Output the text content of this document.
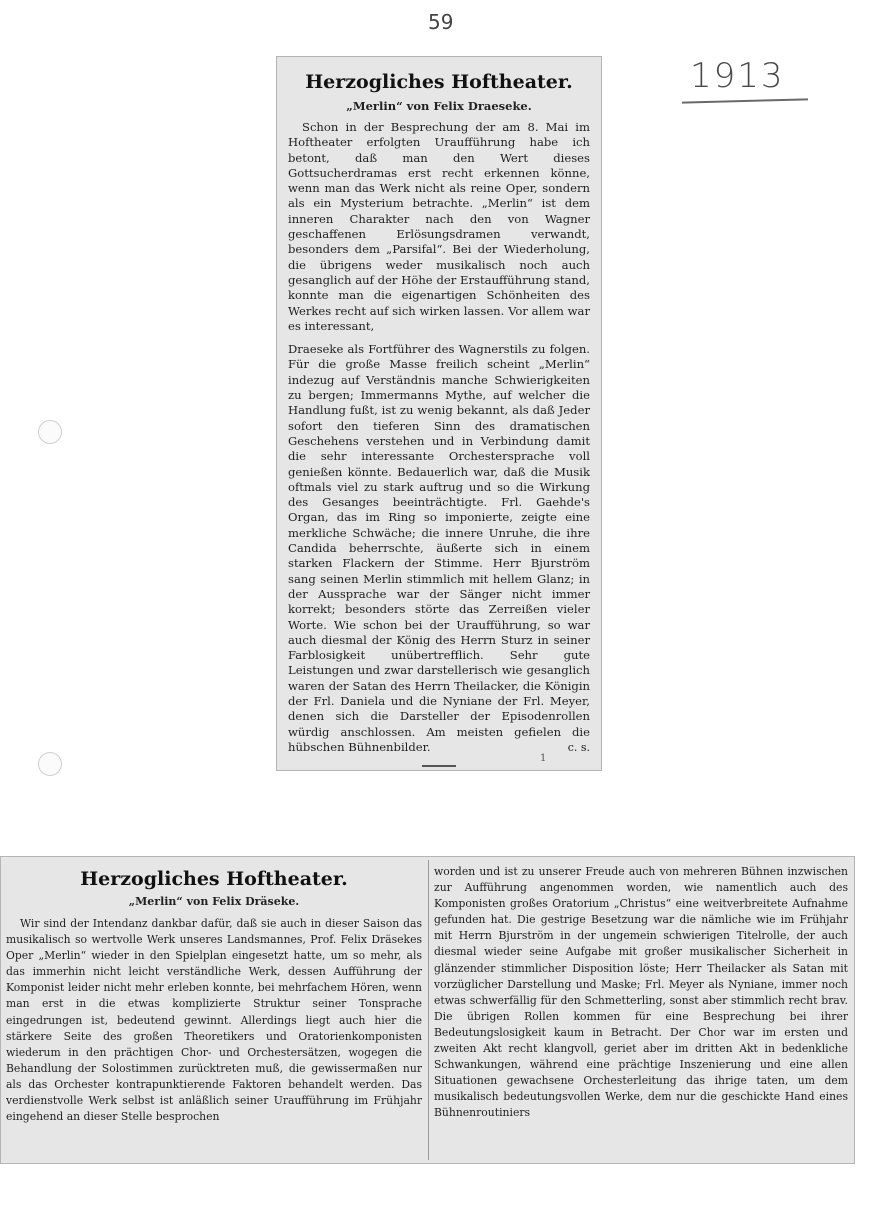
59
1913
Herzogliches Hoftheater.
„Merlin“ von Felix Draeseke.
Schon in der Besprechung der am 8. Mai im Hoftheater erfolgten Uraufführung habe ich betont, daß man den Wert dieses Gottsucherdramas erst recht erkennen könne, wenn man das Werk nicht als reine Oper, sondern als ein Mysterium betrachte. „Merlin“ ist dem inneren Charakter nach den von Wagner geschaffenen Erlösungsdramen verwandt, besonders dem „Parsifal“. Bei der Wiederholung, die übrigens weder musikalisch noch auch gesanglich auf der Höhe der Erstaufführung stand, konnte man die eigenartigen Schönheiten des Werkes recht auf sich wirken lassen. Vor allem war es interessant,
Draeseke als Fortführer des Wagnerstils zu folgen. Für die große Masse freilich scheint „Merlin“ indezug auf Verständnis manche Schwierigkeiten zu bergen; Immermanns Mythe, auf welcher die Handlung fußt, ist zu wenig bekannt, als daß Jeder sofort den tieferen Sinn des dramatischen Geschehens verstehen und in Verbindung damit die sehr interessante Orchestersprache voll genießen könnte. Bedauerlich war, daß die Musik oftmals viel zu stark auftrug und so die Wirkung des Gesanges beeinträchtigte. Frl. Gaehde's Organ, das im Ring so imponierte, zeigte eine merkliche Schwäche; die innere Unruhe, die ihre Candida beherrschte, äußerte sich in einem starken Flackern der Stimme. Herr Bjurström sang seinen Merlin stimmlich mit hellem Glanz; in der Aussprache war der Sänger nicht immer korrekt; besonders störte das Zerreißen vieler Worte. Wie schon bei der Uraufführung, so war auch diesmal der König des Herrn Sturz in seiner Farblosigkeit unübertrefflich. Sehr gute Leistungen und zwar darstellerisch wie gesanglich waren der Satan des Herrn Theilacker, die Königin der Frl. Daniela und die Nyniane der Frl. Meyer, denen sich die Darsteller der Episodenrollen würdig anschlossen. Am meisten gefielen die hübschen Bühnenbilder.	c. s.
1
Herzogliches Hoftheater.
„Merlin“ von Felix Dräseke.
Wir sind der Intendanz dankbar dafür, daß sie auch in dieser Saison das musikalisch so wertvolle Werk unseres Landsmannes, Prof. Felix Dräsekes Oper „Merlin“ wieder in den Spielplan eingesetzt hatte, um so mehr, als das immerhin nicht leicht verständliche Werk, dessen Aufführung der Komponist leider nicht mehr erleben konnte, bei mehrfachem Hören, wenn man erst in die etwas komplizierte Struktur seiner Tonsprache eingedrungen ist, bedeutend gewinnt. Allerdings liegt auch hier die stärkere Seite des großen Theoretikers und Oratorienkomponisten wiederum in den prächtigen Chor- und Orchestersätzen, wogegen die Behandlung der Solostimmen zurücktreten muß, die gewissermaßen nur als das Orchester kontrapunktierende Faktoren behandelt werden. Das verdienstvolle Werk selbst ist anläßlich seiner Uraufführung im Frühjahr eingehend an dieser Stelle besprochen
worden und ist zu unserer Freude auch von mehreren Bühnen inzwischen zur Aufführung angenommen worden, wie namentlich auch des Komponisten großes Oratorium „Christus“ eine weitverbreitete Aufnahme gefunden hat. Die gestrige Besetzung war die nämliche wie im Frühjahr mit Herrn Bjurström in der ungemein schwierigen Titelrolle, der auch diesmal wieder seine Aufgabe mit großer musikalischer Sicherheit in glänzender stimmlicher Disposition löste; Herr Theilacker als Satan mit vorzüglicher Darstellung und Maske; Frl. Meyer als Nyniane, immer noch etwas schwerfällig für den Schmetterling, sonst aber stimmlich recht brav. Die übrigen Rollen kommen für eine Besprechung bei ihrer Bedeutungslosigkeit kaum in Betracht. Der Chor war im ersten und zweiten Akt recht klangvoll, geriet aber im dritten Akt in bedenkliche Schwankungen, während eine prächtige Inszenierung und eine allen Situationen gewachsene Orchesterleitung das ihrige taten, um dem musikalisch bedeutungsvollen Werke, dem nur die geschickte Hand eines Bühnenroutiniers
